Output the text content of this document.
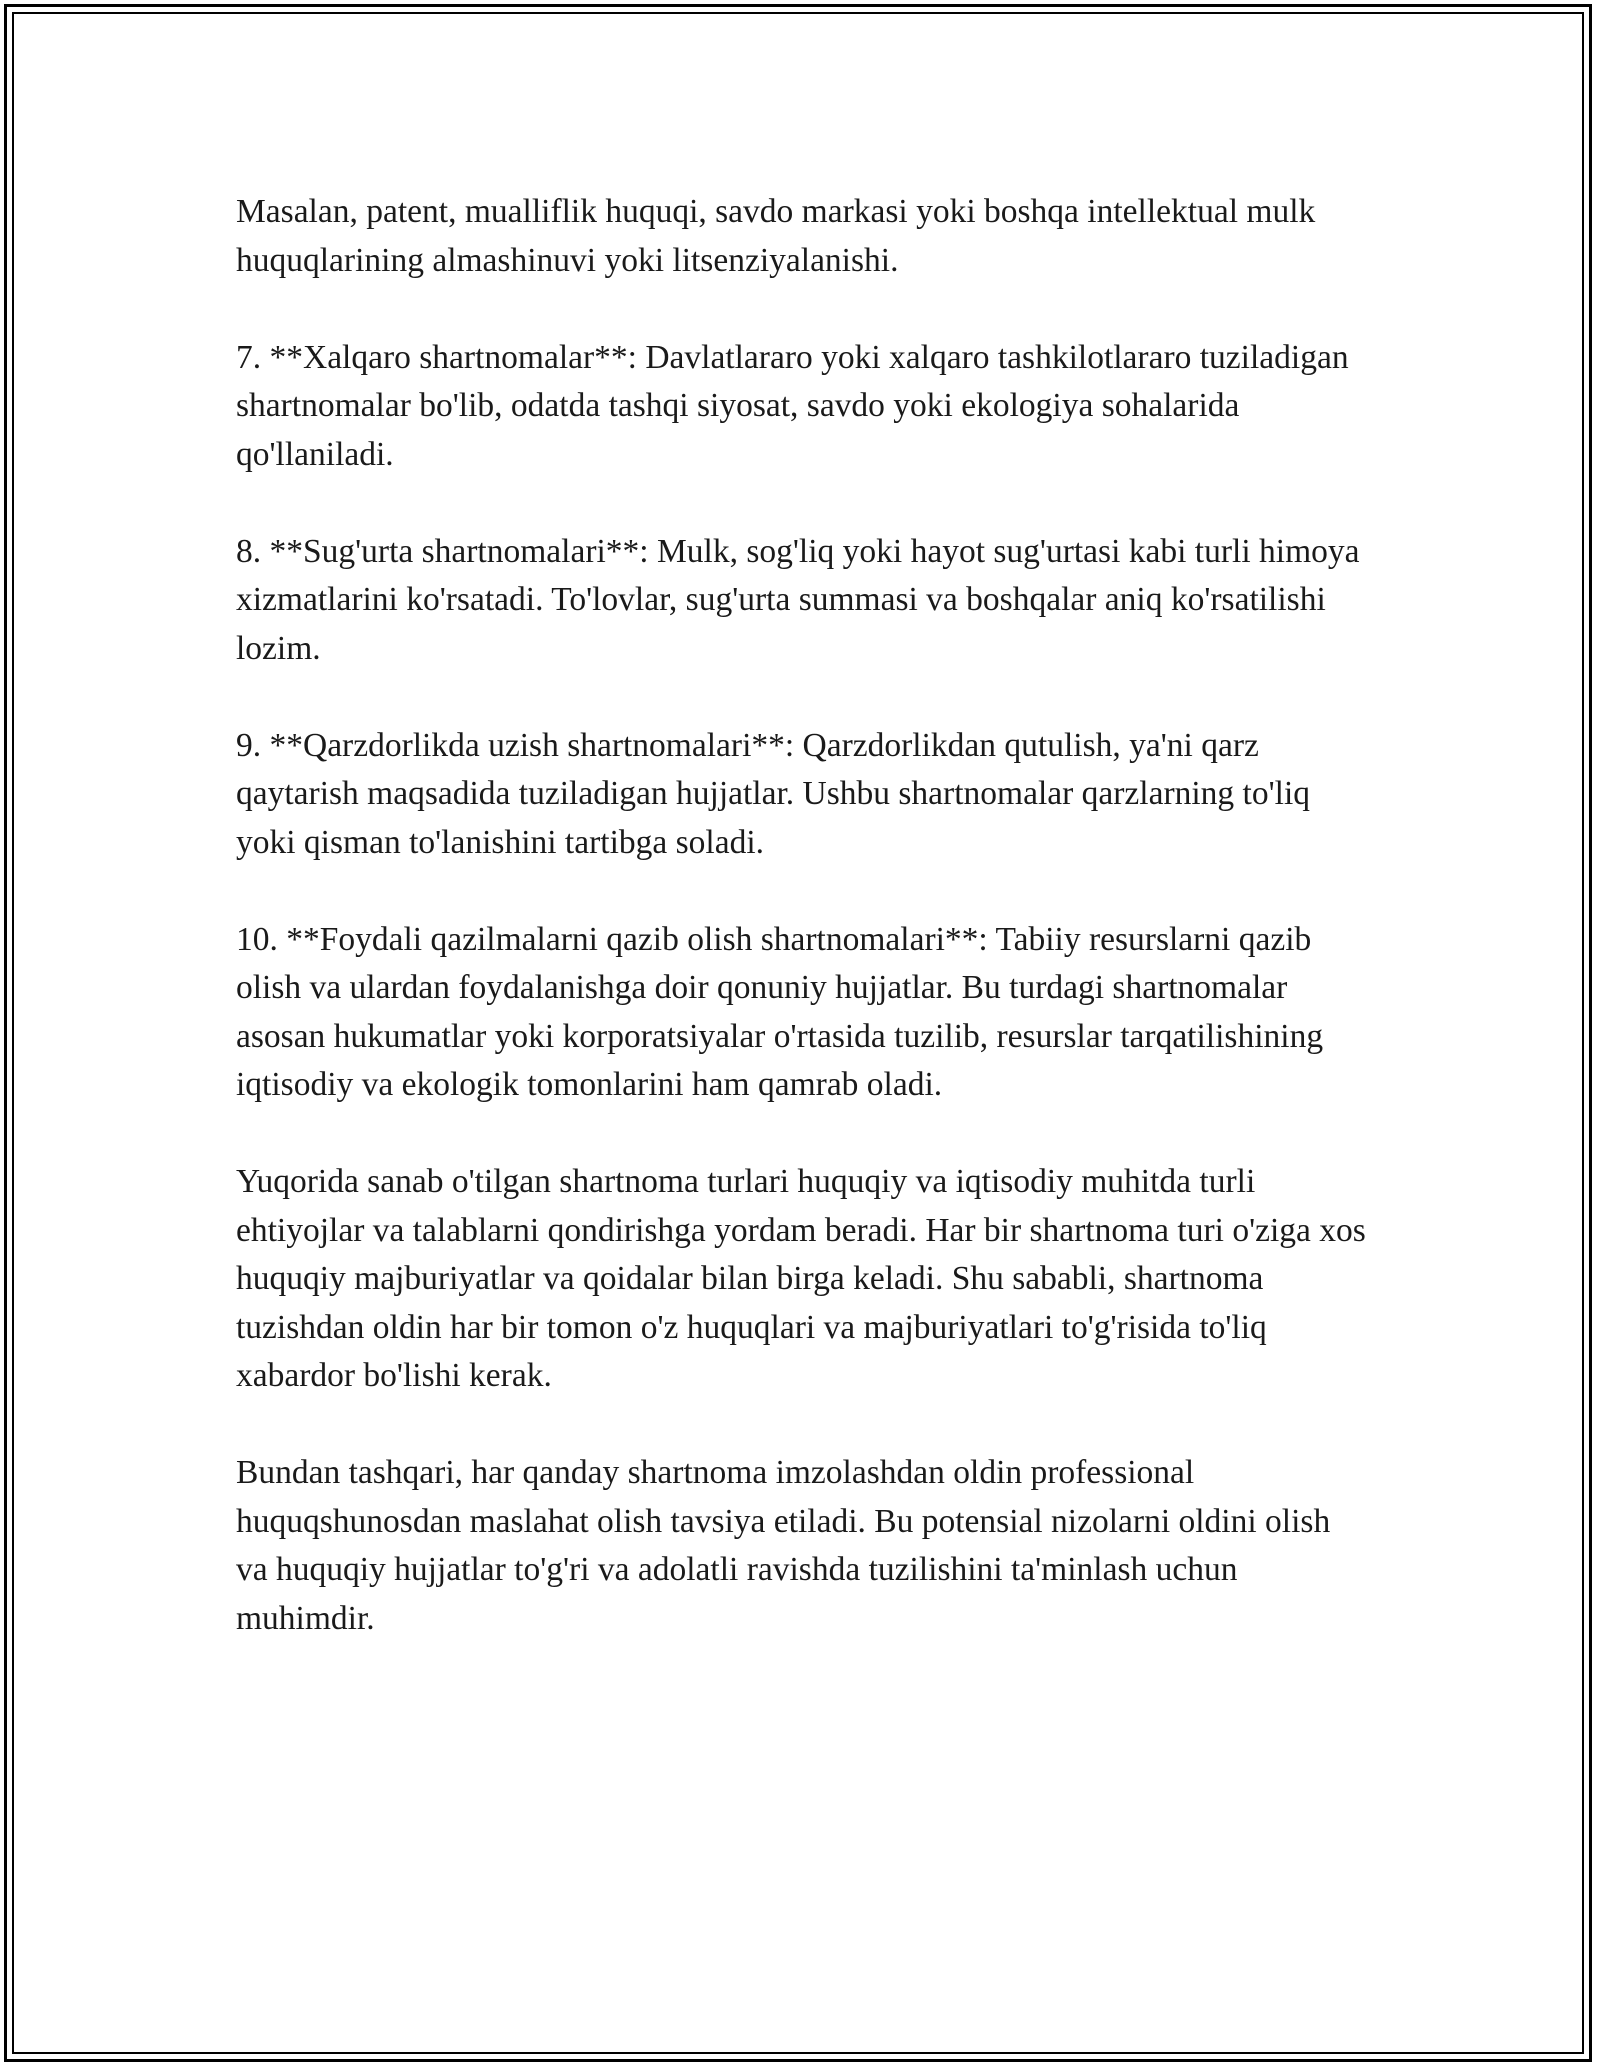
Masalan, patent, mualliflik huquqi, savdo markasi yoki boshqa intellektual mulk huquqlarining almashinuvi yoki litsenziyalanishi.

7. **Xalqaro shartnomalar**: Davlatlararo yoki xalqaro tashkilotlararo tuziladigan shartnomalar bo'lib, odatda tashqi siyosat, savdo yoki ekologiya sohalarida qo'llaniladi.

8. **Sug'urta shartnomalari**: Mulk, sog'liq yoki hayot sug'urtasi kabi turli himoya xizmatlarini ko'rsatadi. To'lovlar, sug'urta summasi va boshqalar aniq ko'rsatilishi lozim.

9. **Qarzdorlikda uzish shartnomalari**: Qarzdorlikdan qutulish, ya'ni qarz qaytarish maqsadida tuziladigan hujjatlar. Ushbu shartnomalar qarzlarning to'liq yoki qisman to'lanishini tartibga soladi.

10. **Foydali qazilmalarni qazib olish shartnomalari**: Tabiiy resurslarni qazib olish va ulardan foydalanishga doir qonuniy hujjatlar. Bu turdagi shartnomalar asosan hukumatlar yoki korporatsiyalar o'rtasida tuzilib, resurslar tarqatilishining iqtisodiy va ekologik tomonlarini ham qamrab oladi.

Yuqorida sanab o'tilgan shartnoma turlari huquqiy va iqtisodiy muhitda turli ehtiyojlar va talablarni qondirishga yordam beradi. Har bir shartnoma turi o'ziga xos huquqiy majburiyatlar va qoidalar bilan birga keladi. Shu sababli, shartnoma tuzishdan oldin har bir tomon o'z huquqlari va majburiyatlari to'g'risida to'liq xabardor bo'lishi kerak.

Bundan tashqari, har qanday shartnoma imzolashdan oldin professional huquqshunosdan maslahat olish tavsiya etiladi. Bu potensial nizolarni oldini olish va huquqiy hujjatlar to'g'ri va adolatli ravishda tuzilishini ta'minlash uchun muhimdir.
